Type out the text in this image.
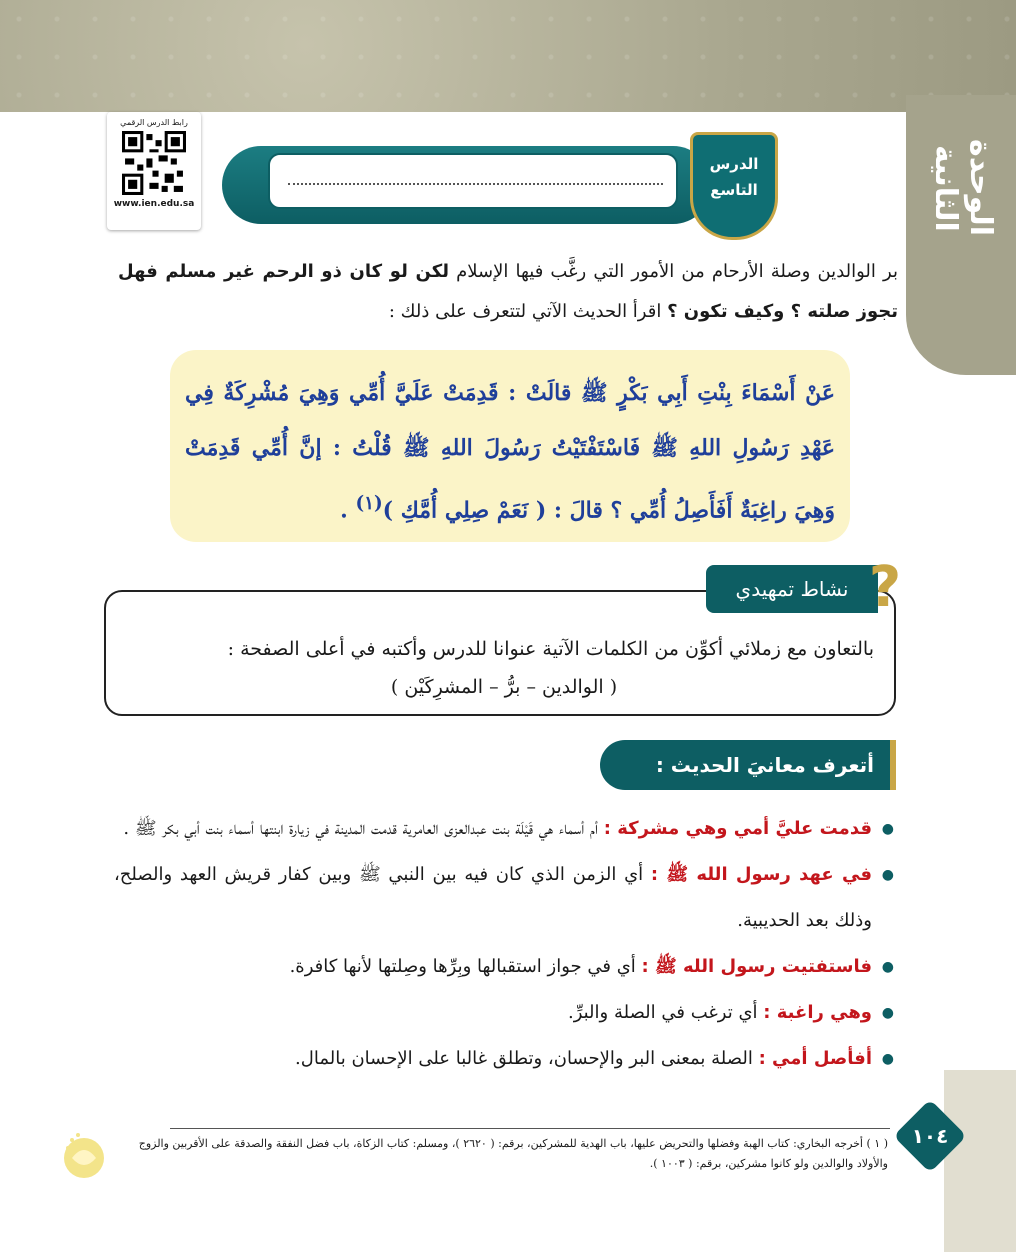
الوحدة الثانية
رابط الدرس الرقمي
www.ien.edu.sa
الدرس
التاسع

بر الوالدين وصلة الأرحام من الأمور التي رغَّب فيها الإسلام لكن لو كان ذو الرحم غير مسلم فهل تجوز صلته ؟ وكيف تكون ؟ اقرأ الحديث الآتي لتتعرف على ذلك :

عَنْ أَسْمَاءَ بِنْتِ أَبِي بَكْرٍ ﷺ قالَتْ : قَدِمَتْ عَلَيَّ أُمِّي وَهِيَ مُشْرِكَةٌ فِي عَهْدِ رَسُولِ اللهِ ﷺ فَاسْتَفْتَيْتُ رَسُولَ اللهِ ﷺ قُلْتُ : إنَّ أُمِّي قَدِمَتْ وَهِيَ راغِبَةٌ أَفَأَصِلُ أُمِّي ؟ قالَ : ( نَعَمْ صِلِي أُمَّكِ )$^{(١)}$ .

نشاط تمهيدي ?

بالتعاون مع زملائي أكوِّن من الكلمات الآتية عنوانا للدرس وأكتبه في أعلى الصفحة :
( الوالدين – برُّ – المشرِكَيْن )

أتعرف معانيَ الحديث :
● قدمت عليَّ أمي وهي مشركة : أم أسماء هي قَيْلَة بنت عبدالعزى العامرية قدمت المدينة في زيارة ابنتها أسماء بنت أبي بكر ﷺ .
● في عهد رسول الله ﷺ : أي الزمن الذي كان فيه بين النبي ﷺ وبين كفار قريش العهد والصلح، وذلك بعد الحديبية.
● فاستفتيت رسول الله ﷺ : أي في جواز استقبالها وبِرِّها وصِلتها لأنها كافرة.
● وهي راغبة : أي ترغب في الصلة والبرِّ.
● أفأصل أمي : الصلة بمعنى البر والإحسان، وتطلق غالبا على الإحسان بالمال.
١٠٤

( ١ ) أخرجه البخاري: كتاب الهبة وفضلها والتحريض عليها، باب الهدية للمشركين، برقم: ( ٢٦٢٠ )، ومسلم: كتاب الزكاة، باب فضل النفقة والصدقة على الأقربين والزوج والأولاد والوالدين ولو كانوا مشركين، برقم: ( ١٠٠٣ ).
